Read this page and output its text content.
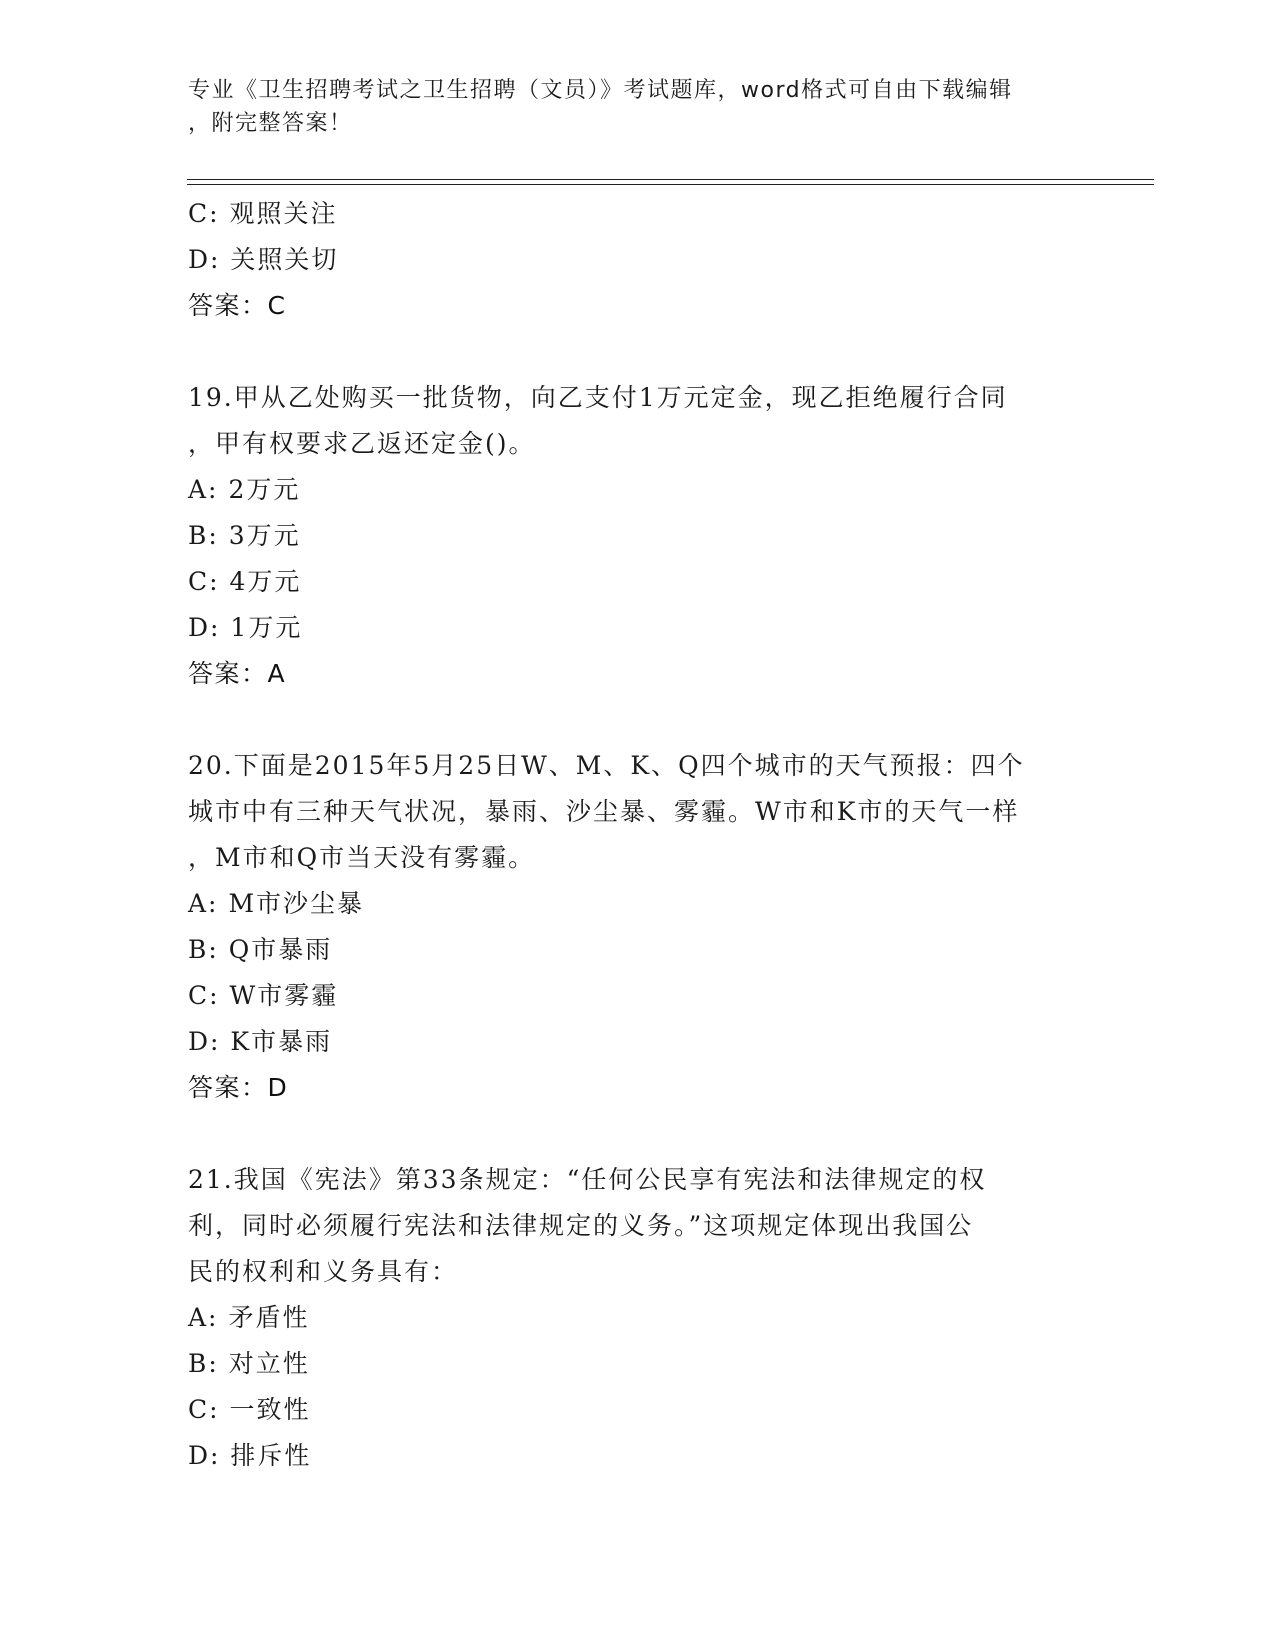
专业《卫生招聘考试之卫生招聘（文员）》考试题库，word格式可自由下载编辑
，附完整答案！
C: 观照关注
D: 关照关切
答案：C
19.甲从乙处购买一批货物，向乙支付1万元定金，现乙拒绝履行合同
，甲有权要求乙返还定金()。
A: 2万元
B: 3万元
C: 4万元
D: 1万元
答案：A
20.下面是2015年5月25日W、M、K、Q四个城市的天气预报：四个
城市中有三种天气状况，暴雨、沙尘暴、雾霾。W市和K市的天气一样
，M市和Q市当天没有雾霾。
A: M市沙尘暴
B: Q市暴雨
C: W市雾霾
D: K市暴雨
答案：D
21.我国《宪法》第33条规定：“任何公民享有宪法和法律规定的权
利，同时必须履行宪法和法律规定的义务。”这项规定体现出我国公
民的权利和义务具有：
A: 矛盾性
B: 对立性
C: 一致性
D: 排斥性
